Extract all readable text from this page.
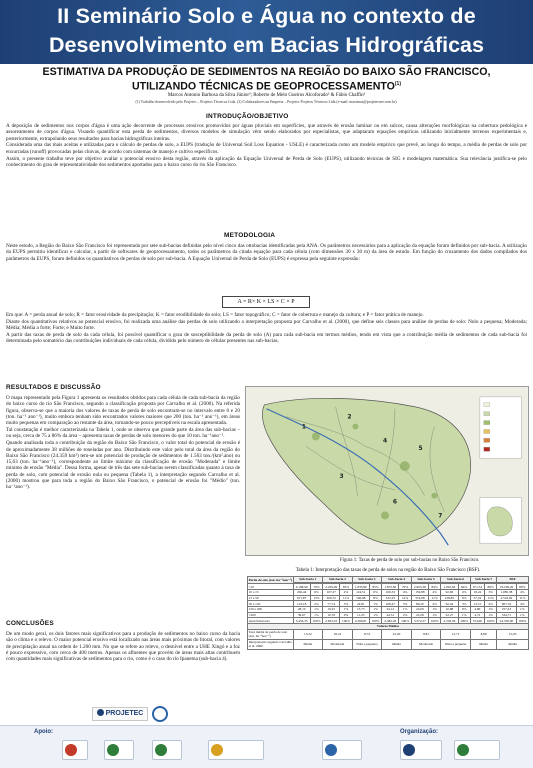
II Seminário Solo e Água no contexto de
Desenvolvimento em Bacias Hidrográficas
ESTIMATIVA DA PRODUÇÃO DE SEDIMENTOS NA REGIÃO DO BAIXO SÃO FRANCISCO,
UTILIZANDO TÉCNICAS DE GEOPROCESSAMENTO$^{(1)}$
Marcos Antonio Barbosa da Silva Júnior²; Roberto de Melo Gueiros Alcoforado² & Fábio Chaffin³
(1) Trabalho desenvolvido pelo Projetec – Projetos Técnicos Ltda. (2) Colaboradores na Empresa – Projetec Projetos Técnicos Ltda (e-mail: maximus@projetecnet.com.br).
INTRODUÇÃO/OBJETIVO

A deposição de sedimentos nos corpos d'água é uma ação decorrente de processos erosivos promovidos por águas pluviais em superfícies, que através de erosão laminar ou em sulcos, causa alterações morfológicas na cobertura pedológica e assoreamento de corpos d'água. Visando quantificar esta perda de sedimentos, diversos modelos de simulação vêm sendo elaborados por especialistas, que adaptaram equações empíricas utilizando inicialmente terrenos experimentais e, posteriormente, extrapolando seus resultados para bacias hidrográficas inteiras.

Considerada uma das mais aceitas e utilizadas para o cálculo de perdas de solo, a EUPS (tradução de Universal Soil Loss Equation - USLE) é caracterizada como um modelo empírico que prevê, ao longo do tempo, a média de perdas de solo por enxurradas (runoff) provocadas pelas chuvas, de acordo com sistemas de manejo e cultivo específicos.

Assim, o presente trabalho teve por objetivo avaliar o potencial erosivo desta região, através da aplicação da Equação Universal de Perda de Solo (EUPS), utilizando técnicas de SIG e modelagem matemática. Sua relevância justifica-se pelo conhecimento do grau de representatividade dos sedimentos aportados para o baixo curso do rio São Francisco.

METODOLOGIA

Neste estudo, a Região do Baixo São Francisco foi representada por sete sub-bacias definidas pelo nível cinco das ottobacias identificadas pela ANA. Os parâmetros necessários para a aplicação da equação foram definidos por sub-bacia. A utilização da EUPS permitiu identificar e calcular, a partir de softwares de geoprocessamento, todos os parâmetros da citada equação para cada célula (com dimensões 30 x 30 m) da área de estudo. Em função do cruzamento dos dados compilados dos parâmetros da EUPS, foram definidos os quantitativos de perdas de solo por sub-bacia. A Equação Universal de Perda de Solo (EUPS) é expressa pela seguinte expressão:

A = R× K × LS × C × P

Em que: A = perda anual de solo; R = fator erosividade da precipitação; K = fator erodibilidade do solo; LS = fator topográfico; C = fator de cobertura e manejo da cultura; e P = fator prática de manejo.

Diante dos quantitativos relativos ao potencial erosivo, foi realizada uma análise das perdas de solo utilizando a interpretação proposta por Carvalho et al. (2000), que define seis classes para análise de perdas de solo: Nulo a pequena; Moderada; Média; Média a forte; Forte; e Muito forte.

A partir das taxas de perda de solo da cada célula, foi possível quantificar o grau de susceptibilidade da perda de solo (A) para cada sub-bacia em termos médios, tendo em vista que a contribuição média de sedimentos de cada sub-bacia foi determinada pelo somatório das contribuições individuais de cada célula, dividido pelo número de células presentes nas sub-bacias.

RESULTADOS E DISCUSSÃO

O mapa representado pela Figura 1 apresenta os resultados obtidos para cada célula de cada sub-bacia da região do baixo curso do rio São Francisco, segundo a classificação proposta por Carvalho et al. (2000). Na referida figura, observa-se que a maioria dos valores de taxas de perda de solo encontram-se no intervalo entre 0 e 20 (ton. ha⁻¹ ano⁻¹), muito embora tenham sido encontrados valores maiores que 200 (ton. ha⁻¹ ano⁻¹), em áreas muito pequenas em comparação ao restante da área, tornando-se pouco perceptíveis na escala apresentada.

Tal constatação é melhor caracterizada na Tabela 1, onde se observa que grande parte da área das sub-bacias – ou seja, cerca de 75 a 86% da área – apresenta taxas de perdas de solo menores do que 10 ton. ha⁻¹ano⁻¹.

Quando analisada toda a contribuição da região do Baixo São Francisco, o valor total do potencial de erosão é de aproximadamente 38 milhões de toneladas por ano. Distribuindo este valor pelo total da área da região do Baixo São Francisco (24.359 km²) tem-se um potencial de produção de sedimentos de 1.563 ton./(km².ano) ou 15,63 (ton. ha⁻¹ano⁻¹), correspondente ao limite máximo da classificação de erosão "Moderada" e limite mínimo de erosão "Média". Dessa forma, apesar de três das sete sub-bacias serem classificadas quanto à taxa de perda de solo, com potencial de erosão nula ou pequena (Tabela 1), a interpretação segundo Carvalho et al. (2000) mostrou que para toda a região do Baixo São Francisco, o potencial de erosão foi "Médio" (ton. ha⁻¹ano⁻¹).

CONCLUSÕES

De um modo geral, os dois fatores mais significativos para a produção de sedimentos no baixo curso da bacia são o clima e o relevo. O maior potencial erosivo está localizado nas áreas mais próximas do litoral, com valores de precipitação anual na ordem de 1.200 mm. No que se refere ao relevo, o desnível entre a UHE Xingó e a foz é pouco expressivo, com cerca de 400 metros. Apenas os afluentes que provém de áreas mais altas contribuem com quantidades mais significativas de sedimentos para o rio, como é o caso do rio Ipanema (sub-bacia 4).

1
2
3
4
5
6
7
Figura 1: Taxas de perda de solo por sub-bacias no Baixo São Francisco.
Tabela 1: Interpretação das taxas de perda de solos na região do Baixo São Francisco (BSF).
Perda de solo (ton. ha⁻¹ano⁻¹)	Sub-bacia 1		Sub-bacia 2		Sub-bacia 3		Sub-bacia 4		Sub-bacia 5		Sub-bacia 6		Sub-bacia 7		BSF	

<10	4.198,99	79%	2.256,09	83%	1.835,80	85%	1.872,65	79%	2.905,38	84%	1.910,63	84%	471,54	86%	19.198,26	80%
10 a 15	292,44	6%	107,27	4%	124,51	6%	100,33	4%	159,88	4%	92,82	4%	18,24	3%	1.085,38	4%
15 a 50	671,87	13%	300,72	11%	166,98	8%	332,23	14%	374,68	11%	218,85	9%	57,19	11%	2.516,82	11%
50 a 120	123,18	2%	77,74	3%	24,81	1%	108,47	5%	86,20	2%	62,44	3%	13,15	2%	907,19	4%
120 a 200	28,10	1%	19,25	1%	13,75	1%	24,12	1%	24,09	1%	10,88	0%	4,80	1%	257,43	1%
>200	39,67	1%	10,76	0%	11,23	1%	44,51	2%	22,28	1%	22,27	1%	4,72	1%	334,71	1%
Área/Sub-bacia	5.454,35	100%	2.832,22	100%	2.266,81	100%	2.482,26	100%	3.572,27	100%	2.318,59	100%	574,90	100%	24.359,00	100%
Valores Médios																
Taxa média de perda de solo (ton. ha⁻¹ano⁻¹)	15,22		18,41		8,74		22,20		8,81		12,71		8,89		15,63	
Interpretação segundo Carvalho et al. 2000	Média		Moderada		Nula a pequena		Média		Moderada		Nula a pequena		Média		Média	
PROJETEC
Apoio:	Organização:
